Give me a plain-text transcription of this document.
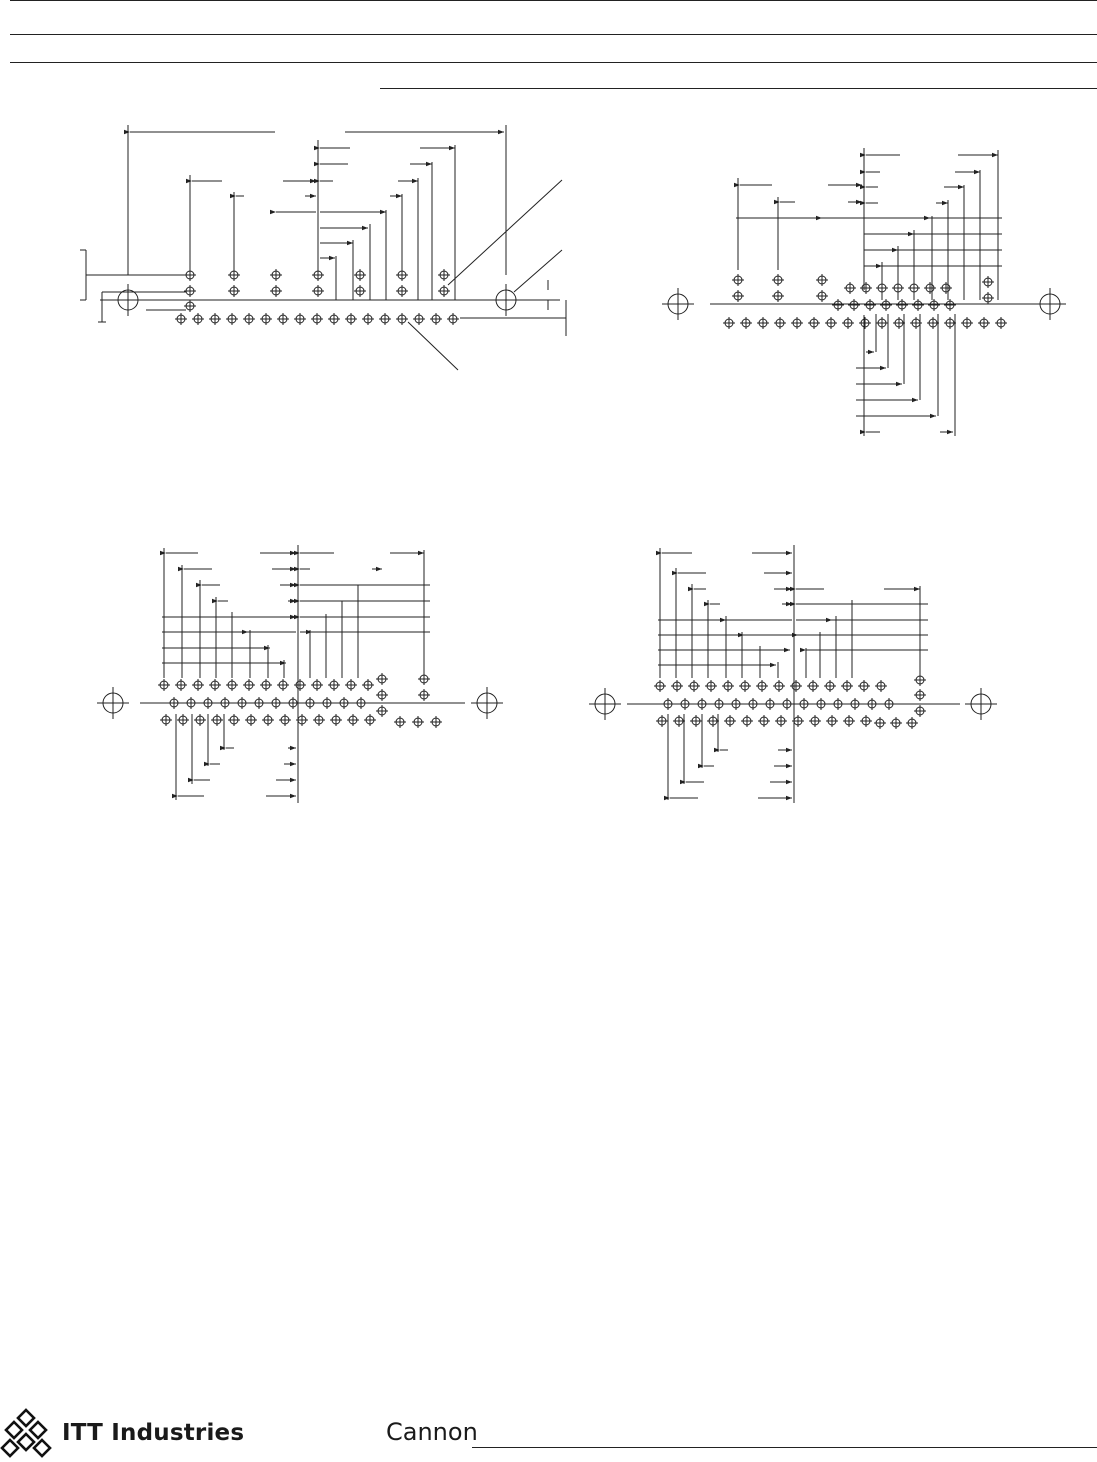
ITT Industries	Cannon
